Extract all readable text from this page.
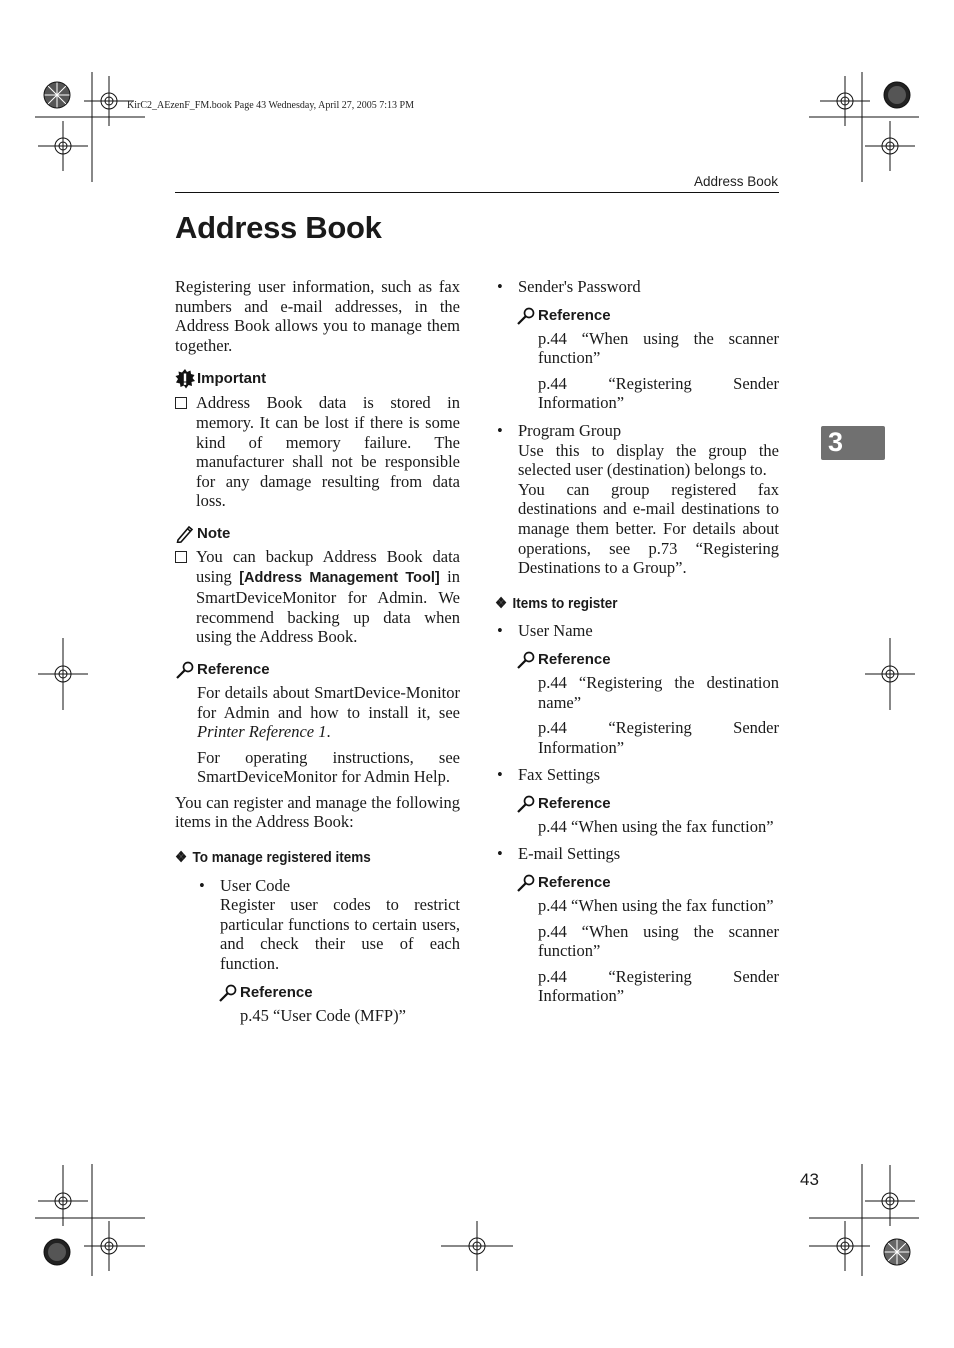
KirC2_AEzenF_FM.book Page 43 Wednesday, April 27, 2005 7:13 PM
Address Book
Address Book
3
43

Registering user information, such as fax numbers and e-mail addresses, in the Address Book allows you to manage them together.

Important
Address Book data is stored in memory. It can be lost if there is some kind of memory failure. The manufacturer shall not be responsible for any damage resulting from data loss.
Note
You can backup Address Book data using [Address Management Tool] in SmartDeviceMonitor for Admin. We recommend backing up data when using the Address Book.
Reference

For details about SmartDevice-Monitor for Admin and how to install it, see Printer Reference 1.

For operating instructions, see SmartDeviceMonitor for Admin Help.

You can register and manage the following items in the Address Book:

❖ To manage registered items
• User Code

Register user codes to restrict particular functions to certain users, and check their use of each function.
Reference

p.45 “User Code (MFP)”

• Sender's Password
Reference

p.44 “When using the scanner function”

p.44 “Registering Sender Information”

• Program Group

Use this to display the group the selected user (destination) belongs to.
You can group registered fax destinations and e-mail destinations to manage them better. For details about operations, see p.73 “Registering Destinations to a Group”.
❖ Items to register
• User Name
Reference

p.44 “Registering the destination name”

p.44 “Registering Sender Information”

• Fax Settings
Reference

p.44 “When using the fax function”

• E-mail Settings
Reference

p.44 “When using the fax function”

p.44 “When using the scanner function”

p.44 “Registering Sender Information”
